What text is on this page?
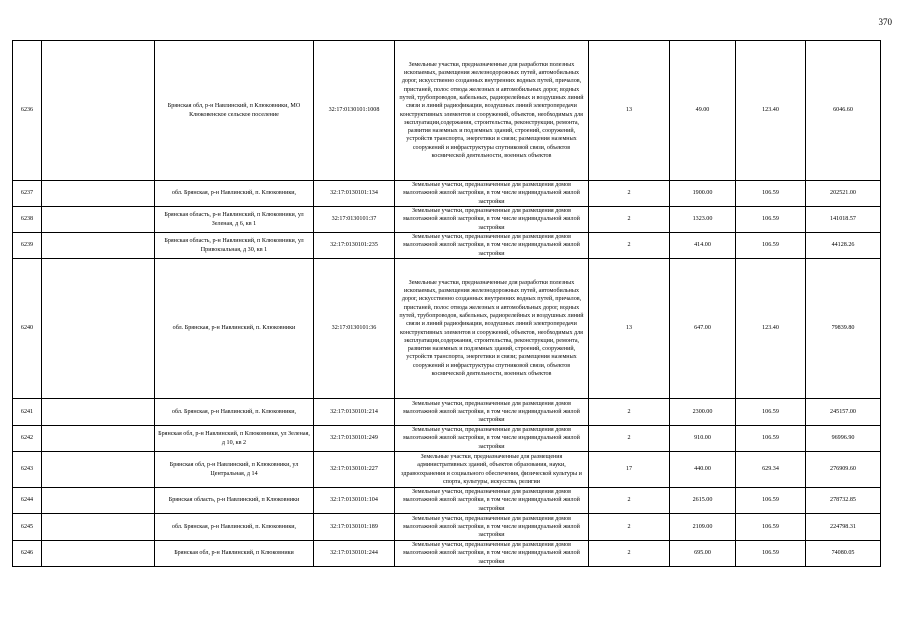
370
6236		Брянская обл, р-н Навлинский, п Клюковники, МО Клюковенское сельское поселение	32:17:0130101:1008	Земельные участки, предназначенные для разработки полезных ископаемых, размещения железнодорожных путей, автомобильных дорог, искусственно созданных внутренних водных путей, причалов, пристаней, полос отвода железных и автомобильных дорог, водных путей, трубопроводов, кабельных, радиорелейных и воздушных линий связи и линий радиофикации, воздушных линий электропередачи конструктивных элементов и сооружений, объектов, необходимых для эксплуатации,содержания, строительства, реконструкции, ремонта, развития наземных и подземных зданий, строений, сооружений, устройств транспорта, энергетики и связи; размещения наземных сооружений и инфраструктуры спутниковой связи, объектов космической деятельности, военных объектов	13	49.00	123.40	6046.60
6237		обл. Брянская, р-н Навлинский, п. Клюковники,	32:17:0130101:134	Земельные участки, предназначенные для размещения домов малоэтажной жилой застройки, в том числе индивидуальной жилой застройки	2	1900.00	106.59	202521.00
6238		Брянская область, р-н Навлинский, п Клюковники, ул Зеленая, д 6, кв 1	32:17:0130101:37	Земельные участки, предназначенные для размещения домов малоэтажной жилой застройки, в том числе индивидуальной жилой застройки	2	1323.00	106.59	141018.57
6239		Брянская область, р-н Навлинский, п Клюковники, ул Привокзальная, д 30, кв 1	32:17:0130101:235	Земельные участки, предназначенные для размещения домов малоэтажной жилой застройки, в том числе индивидуальной жилой застройки	2	414.00	106.59	44128.26
6240		обл. Брянская, р-н Навлинский, п. Клюковники	32:17:0130101:36	Земельные участки, предназначенные для разработки полезных ископаемых, размещения железнодорожных путей, автомобильных дорог, искусственно созданных внутренних водных путей, причалов, пристаней, полос отвода железных и автомобильных дорог, водных путей, трубопроводов, кабельных, радиорелейных и воздушных линий связи и линий радиофикации, воздушных линий электропередачи конструктивных элементов и сооружений, объектов, необходимых для эксплуатации,содержания, строительства, реконструкции, ремонта, развития наземных и подземных зданий, строений, сооружений, устройств транспорта, энергетики и связи; размещения наземных сооружений и инфраструктуры спутниковой связи, объектов космической деятельности, военных объектов	13	647.00	123.40	79839.80
6241		обл. Брянская, р-н Навлинский, п. Клюковники,	32:17:0130101:214	Земельные участки, предназначенные для размещения домов малоэтажной жилой застройки, в том числе индивидуальной жилой застройки	2	2300.00	106.59	245157.00
6242		Брянская обл, р-н Навлинский, п Клюковники, ул Зеленая, д 10, кв 2	32:17:0130101:249	Земельные участки, предназначенные для размещения домов малоэтажной жилой застройки, в том числе индивидуальной жилой застройки	2	910.00	106.59	96996.90
6243		Брянская обл, р-н Навлинский, п Клюковники, ул Центральная, д 14	32:17:0130101:227	Земельные участки, предназначенные для размещения административных зданий, объектов образования, науки, здравоохранения и социального обеспечения, физической культуры и спорта, культуры, искусства, религии	17	440.00	629.34	276909.60
6244		Брянская область, р-н Навлинский, п Клюковники	32:17:0130101:104	Земельные участки, предназначенные для размещения домов малоэтажной жилой застройки, в том числе индивидуальной жилой застройки	2	2615.00	106.59	278732.85
6245		обл. Брянская, р-н Навлинский, п. Клюковники,	32:17:0130101:189	Земельные участки, предназначенные для размещения домов малоэтажной жилой застройки, в том числе индивидуальной жилой застройки	2	2109.00	106.59	224798.31
6246		Брянская обл, р-н Навлинский, п Клюковники	32:17:0130101:244	Земельные участки, предназначенные для размещения домов малоэтажной жилой застройки, в том числе индивидуальной жилой застройки	2	695.00	106.59	74080.05
